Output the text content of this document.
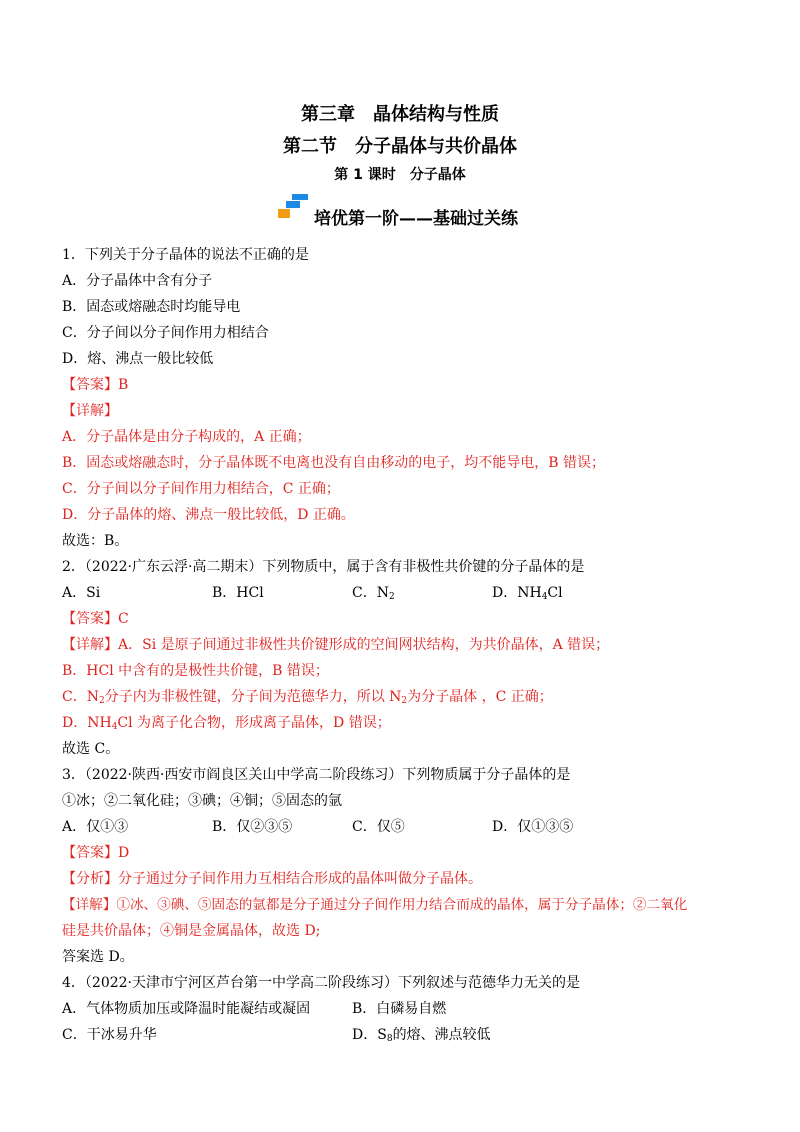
第三章　晶体结构与性质
第二节　分子晶体与共价晶体
第 1 课时　分子晶体
培优第一阶——基础过关练
1．下列关于分子晶体的说法不正确的是
A．分子晶体中含有分子
B．固态或熔融态时均能导电
C．分子间以分子间作用力相结合
D．熔、沸点一般比较低
【答案】B
【详解】
A．分子晶体是由分子构成的，A 正确；
B．固态或熔融态时，分子晶体既不电离也没有自由移动的电子，均不能导电，B 错误；
C．分子间以分子间作用力相结合，C 正确；
D．分子晶体的熔、沸点一般比较低，D 正确。
故选：B。
2．（2022·广东云浮·高二期末）下列物质中，属于含有非极性共价键的分子晶体的是
A．Si	B．HCl	C．$N_2$	D．$NH_4Cl$
【答案】C
【详解】A．Si 是原子间通过非极性共价键形成的空间网状结构，为共价晶体，A 错误；
B．HCl 中含有的是极性共价键，B 错误；
C．$N_2$分子内为非极性键，分子间为范德华力，所以 $N_2$为分子晶体 ，C 正确；
D．$NH_4Cl$ 为离子化合物，形成离子晶体，D 错误；
故选 C。
3．（2022·陕西·西安市阎良区关山中学高二阶段练习）下列物质属于分子晶体的是
①冰；②二氧化硅；③碘；④铜；⑤固态的氩
A．仅①③	B．仅②③⑤	C．仅⑤	D．仅①③⑤
【答案】D
【分析】分子通过分子间作用力互相结合形成的晶体叫做分子晶体。
【详解】①冰、③碘、⑤固态的氩都是分子通过分子间作用力结合而成的晶体，属于分子晶体；②二氧化
硅是共价晶体；④铜是金属晶体，故选 D;
答案选 D。
4．（2022·天津市宁河区芦台第一中学高二阶段练习）下列叙述与范德华力无关的是
A．气体物质加压或降温时能凝结或凝固	B．白磷易自燃
C．干冰易升华	D．$S_8$的熔、沸点较低
